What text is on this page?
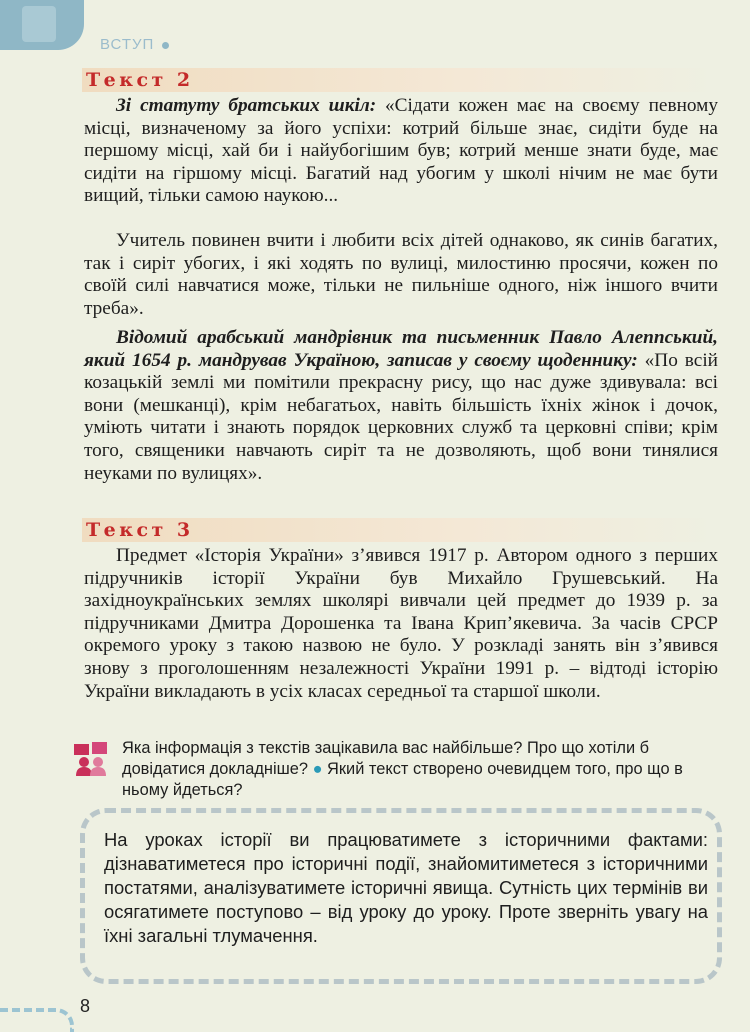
ВСТУП
Текст 2

Зі статуту братських шкіл: «Сідати кожен має на своєму певному місці, визначеному за його успіхи: котрий більше знає, сидіти буде на першому місці, хай би і найубогішим був; котрий менше знати буде, має сидіти на гіршому місці. Багатий над убогим у школі нічим не має бути вищий, тільки самою наукою...

Учитель повинен вчити і любити всіх дітей однаково, як синів багатих, так і сиріт убогих, і які ходять по вулиці, милостиню просячи, кожен по своїй силі навчатися може, тільки не пильніше одного, ніж іншого вчити треба».

Відомий арабський мандрівник та письменник Павло Алеппський, який 1654 р. мандрував Україною, записав у своєму щоденнику: «По всій козацькій землі ми помітили прекрасну рису, що нас дуже здивувала: всі вони (мешканці), крім небагатьох, навіть більшість їхніх жінок і дочок, уміють читати і знають порядок церковних служб та церковні співи; крім того, священики навчають сиріт та не дозволяють, щоб вони тинялися неуками по вулицях».

Текст 3

Предмет «Історія України» з’явився 1917 р. Автором одного з перших підручників історії України був Михайло Грушевський. На західноукраїнських землях школярі вивчали цей предмет до 1939 р. за підручниками Дмитра Дорошенка та Івана Крип’якевича. За часів СРСР окремого уроку з такою назвою не було. У розкладі занять він з’явився знову з проголошенням незалежності України 1991 р. – відтоді історію України викладають в усіх класах середньої та старшої школи.

Яка інформація з текстів зацікавила вас найбільше? Про що хотіли б довідатися докладніше? ● Який текст створено очевидцем того, про що в ньому йдеться?

На уроках історії ви працюватимете з історичними фактами: дізнаватиметеся про історичні події, знайомитиметеся з історичними постатями, аналізуватимете історичні явища. Сутність цих термінів ви осягатимете поступово – від уроку до уроку. Проте зверніть увагу на їхні загальні тлумачення.

8
